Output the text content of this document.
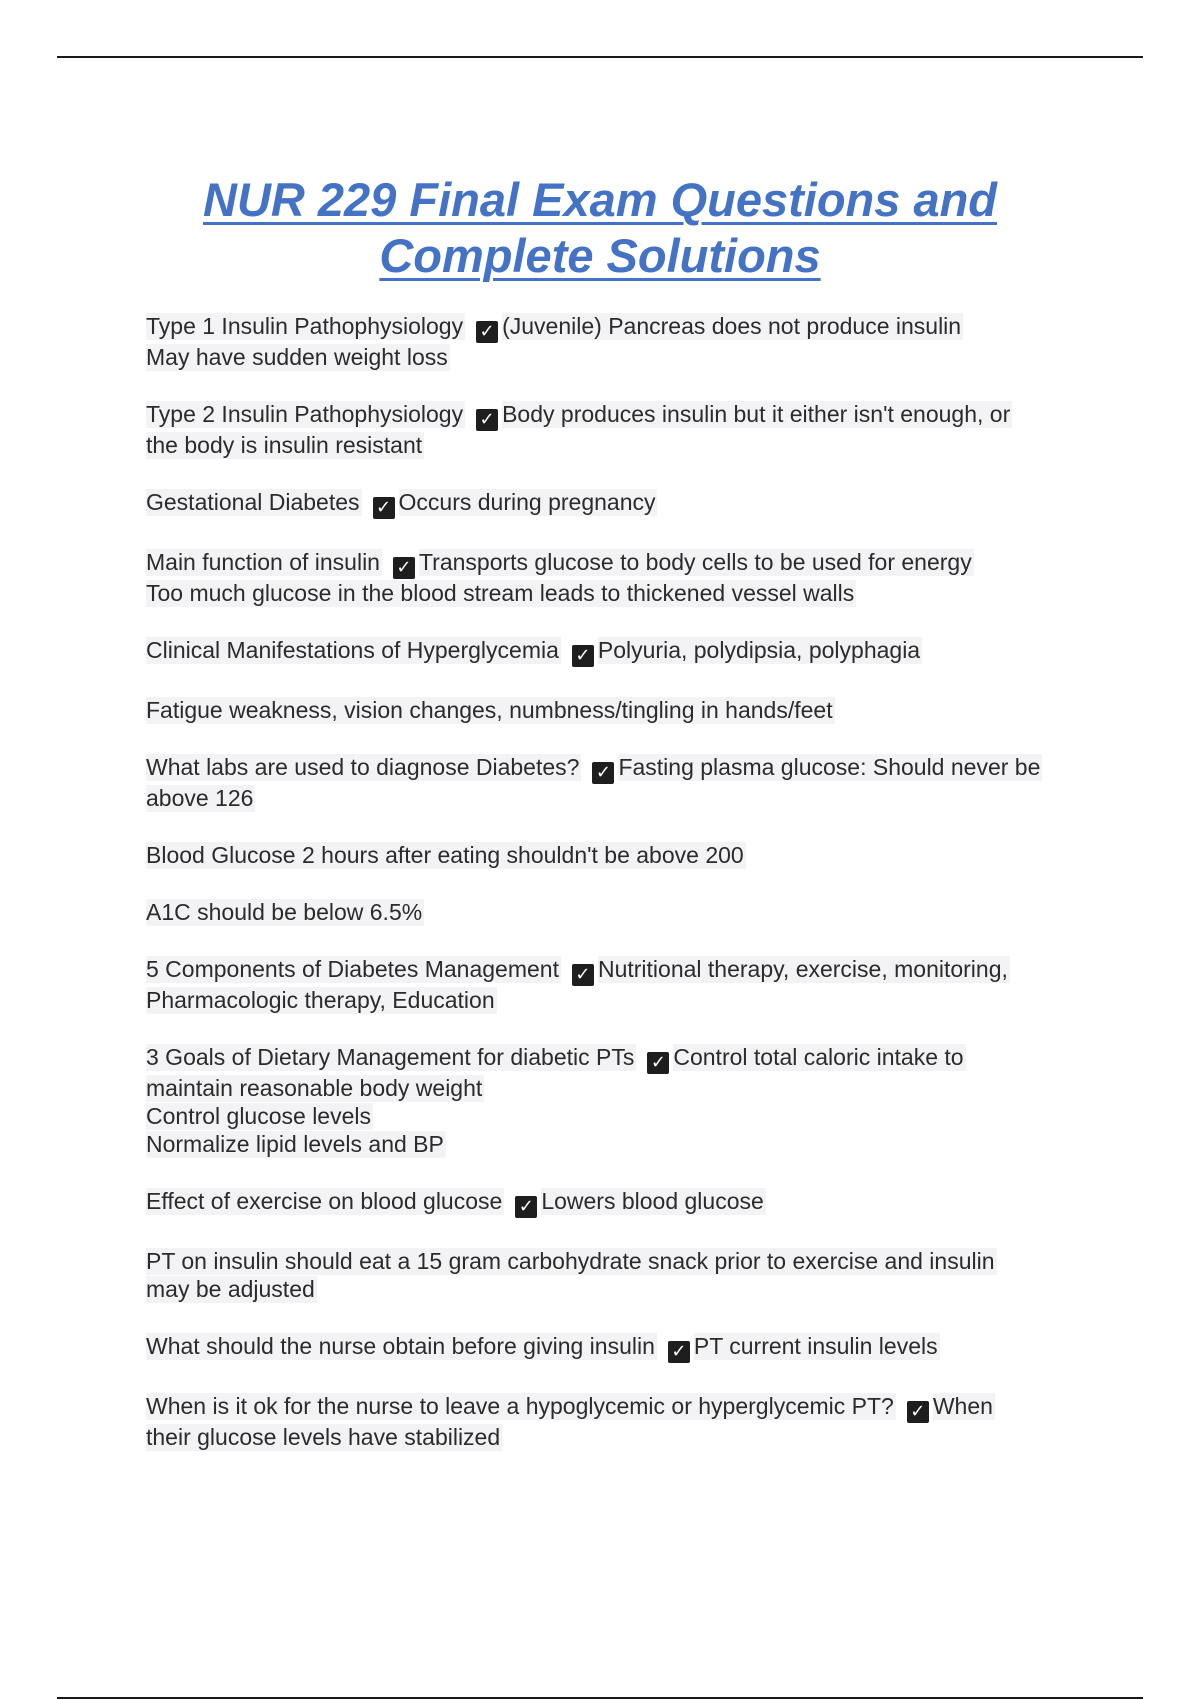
NUR 229 Final Exam Questions and
Complete Solutions
Type 1 Insulin Pathophysiology ✓ (Juvenile) Pancreas does not produce insulin
May have sudden weight loss
Type 2 Insulin Pathophysiology ✓ Body produces insulin but it either isn't enough, or
the body is insulin resistant
Gestational Diabetes ✓ Occurs during pregnancy
Main function of insulin ✓ Transports glucose to body cells to be used for energy
Too much glucose in the blood stream leads to thickened vessel walls
Clinical Manifestations of Hyperglycemia ✓ Polyuria, polydipsia, polyphagia
Fatigue weakness, vision changes, numbness/tingling in hands/feet
What labs are used to diagnose Diabetes? ✓ Fasting plasma glucose: Should never be
above 126
Blood Glucose 2 hours after eating shouldn't be above 200
A1C should be below 6.5%
5 Components of Diabetes Management ✓ Nutritional therapy, exercise, monitoring,
Pharmacologic therapy, Education
3 Goals of Dietary Management for diabetic PTs ✓ Control total caloric intake to
maintain reasonable body weight
Control glucose levels
Normalize lipid levels and BP
Effect of exercise on blood glucose ✓ Lowers blood glucose
PT on insulin should eat a 15 gram carbohydrate snack prior to exercise and insulin
may be adjusted
What should the nurse obtain before giving insulin ✓ PT current insulin levels
When is it ok for the nurse to leave a hypoglycemic or hyperglycemic PT? ✓ When
their glucose levels have stabilized
